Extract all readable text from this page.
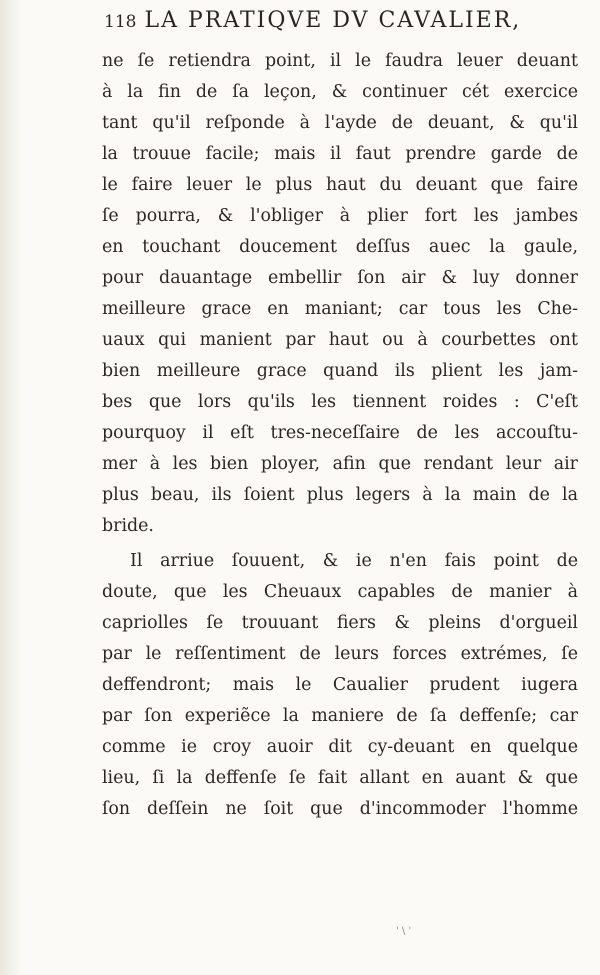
118 LA PRATIQVE DV CAVALIER,
ne ſe retiendra point, il le faudra leuer deuant
à la fin de ſa leçon, & continuer cét exercice
tant qu'il reſponde à l'ayde de deuant, & qu'il
la trouue facile; mais il faut prendre garde de
le faire leuer le plus haut du deuant que faire
ſe pourra, & l'obliger à plier fort les jambes
en touchant doucement deſſus auec la gaule,
pour dauantage embellir ſon air & luy donner
meilleure grace en maniant; car tous les Che-
uaux qui manient par haut ou à courbettes ont
bien meilleure grace quand ils plient les jam-
bes que lors qu'ils les tiennent roides : C'eſt
pourquoy il eſt tres-neceſſaire de les accouſtu-
mer à les bien ployer, afin que rendant leur air
plus beau, ils ſoient plus legers à la main de la
bride.
Il arriue ſouuent, & ie n'en fais point de
doute, que les Cheuaux capables de manier à
capriolles ſe trouuant fiers & pleins d'orgueil
par le reſſentiment de leurs forces extrémes, ſe
deffendront; mais le Caualier prudent iugera
par ſon experiẽce la maniere de ſa deffenſe; car
comme ie croy auoir dit cy-deuant en quelque
lieu, ſi la deffenſe ſe fait allant en auant & que
ſon deſſein ne ſoit que d'incommoder l'homme
' \ '
